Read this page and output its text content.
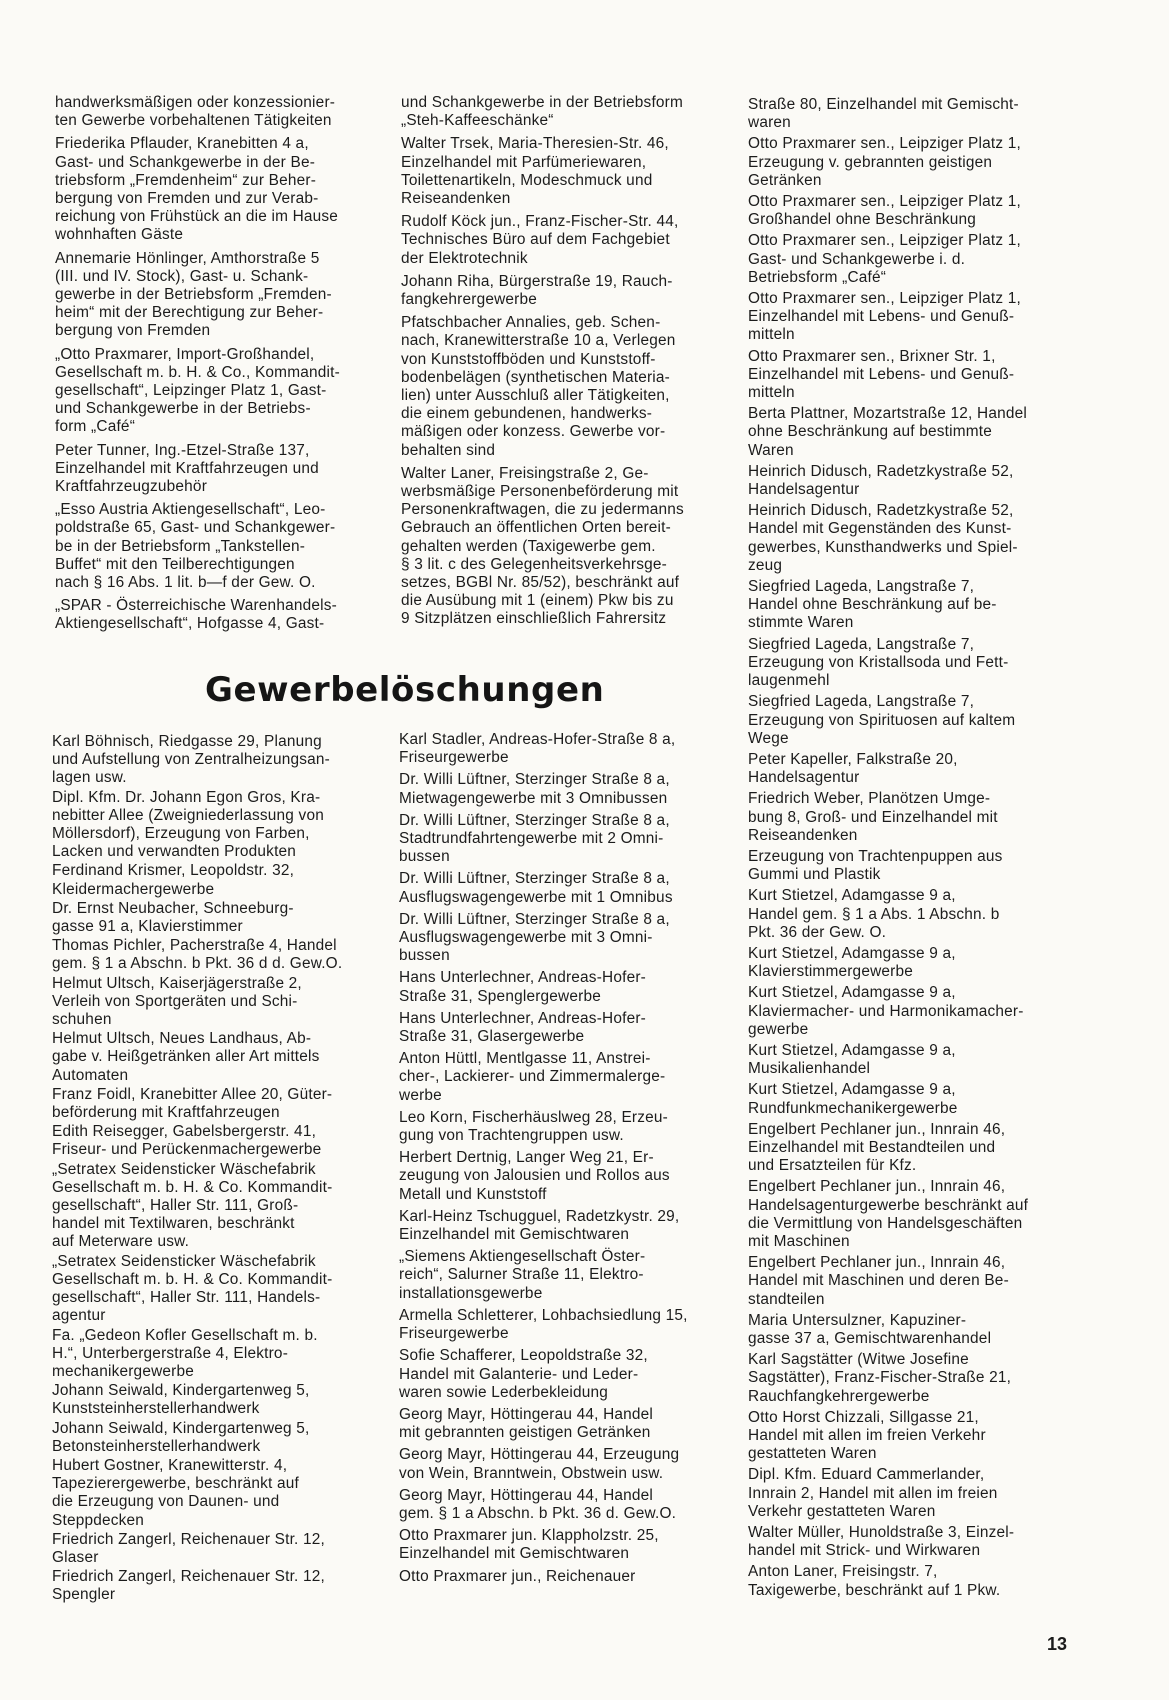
handwerksmäßigen oder konzessionier-
ten Gewerbe vorbehaltenen Tätigkeiten

Friederika Pflauder, Kranebitten 4 a,
Gast- und Schankgewerbe in der Be-
triebsform „Fremdenheim“ zur Beher-
bergung von Fremden und zur Verab-
reichung von Frühstück an die im Hause
wohnhaften Gäste

Annemarie Hönlinger, Amthorstraße 5
(III. und IV. Stock), Gast- u. Schank-
gewerbe in der Betriebsform „Fremden-
heim“ mit der Berechtigung zur Beher-
bergung von Fremden

„Otto Praxmarer, Import-Großhandel,
Gesellschaft m. b. H. & Co., Kommandit-
gesellschaft“, Leipzinger Platz 1, Gast-
und Schankgewerbe in der Betriebs-
form „Café“

Peter Tunner, Ing.-Etzel-Straße 137,
Einzelhandel mit Kraftfahrzeugen und
Kraftfahrzeugzubehör

„Esso Austria Aktiengesellschaft“, Leo-
poldstraße 65, Gast- und Schankgewer-
be in der Betriebsform „Tankstellen-
Buffet“ mit den Teilberechtigungen
nach § 16 Abs. 1 lit. b—f der Gew. O.

„SPAR - Österreichische Warenhandels-
Aktiengesellschaft“, Hofgasse 4, Gast-

und Schankgewerbe in der Betriebsform
„Steh-Kaffeeschänke“

Walter Trsek, Maria-Theresien-Str. 46,
Einzelhandel mit Parfümeriewaren,
Toilettenartikeln, Modeschmuck und
Reiseandenken

Rudolf Köck jun., Franz-Fischer-Str. 44,
Technisches Büro auf dem Fachgebiet
der Elektrotechnik

Johann Riha, Bürgerstraße 19, Rauch-
fangkehrergewerbe

Pfatschbacher Annalies, geb. Schen-
nach, Kranewitterstraße 10 a, Verlegen
von Kunststoffböden und Kunststoff-
bodenbelägen (synthetischen Materia-
lien) unter Ausschluß aller Tätigkeiten,
die einem gebundenen, handwerks-
mäßigen oder konzess. Gewerbe vor-
behalten sind

Walter Laner, Freisingstraße 2, Ge-
werbsmäßige Personenbeförderung mit
Personenkraftwagen, die zu jedermanns
Gebrauch an öffentlichen Orten bereit-
gehalten werden (Taxigewerbe gem.
§ 3 lit. c des Gelegenheitsverkehrsge-
setzes, BGBl Nr. 85/52), beschränkt auf
die Ausübung mit 1 (einem) Pkw bis zu
9 Sitzplätzen einschließlich Fahrersitz

Straße 80, Einzelhandel mit Gemischt-
waren

Otto Praxmarer sen., Leipziger Platz 1,
Erzeugung v. gebrannten geistigen
Getränken

Otto Praxmarer sen., Leipziger Platz 1,
Großhandel ohne Beschränkung

Otto Praxmarer sen., Leipziger Platz 1,
Gast- und Schankgewerbe i. d.
Betriebsform „Café“

Otto Praxmarer sen., Leipziger Platz 1,
Einzelhandel mit Lebens- und Genuß-
mitteln

Otto Praxmarer sen., Brixner Str. 1,
Einzelhandel mit Lebens- und Genuß-
mitteln

Berta Plattner, Mozartstraße 12, Handel
ohne Beschränkung auf bestimmte
Waren

Heinrich Didusch, Radetzkystraße 52,
Handelsagentur

Heinrich Didusch, Radetzkystraße 52,
Handel mit Gegenständen des Kunst-
gewerbes, Kunsthandwerks und Spiel-
zeug

Siegfried Lageda, Langstraße 7,
Handel ohne Beschränkung auf be-
stimmte Waren

Siegfried Lageda, Langstraße 7,
Erzeugung von Kristallsoda und Fett-
laugenmehl

Siegfried Lageda, Langstraße 7,
Erzeugung von Spirituosen auf kaltem
Wege

Peter Kapeller, Falkstraße 20,
Handelsagentur

Friedrich Weber, Planötzen Umge-
bung 8, Groß- und Einzelhandel mit
Reiseandenken

Erzeugung von Trachtenpuppen aus
Gummi und Plastik

Kurt Stietzel, Adamgasse 9 a,
Handel gem. § 1 a Abs. 1 Abschn. b
Pkt. 36 der Gew. O.

Kurt Stietzel, Adamgasse 9 a,
Klavierstimmergewerbe

Kurt Stietzel, Adamgasse 9 a,
Klaviermacher- und Harmonikamacher-
gewerbe

Kurt Stietzel, Adamgasse 9 a,
Musikalienhandel

Kurt Stietzel, Adamgasse 9 a,
Rundfunkmechanikergewerbe

Engelbert Pechlaner jun., Innrain 46,
Einzelhandel mit Bestandteilen und
und Ersatzteilen für Kfz.

Engelbert Pechlaner jun., Innrain 46,
Handelsagenturgewerbe beschränkt auf
die Vermittlung von Handelsgeschäften
mit Maschinen

Engelbert Pechlaner jun., Innrain 46,
Handel mit Maschinen und deren Be-
standteilen

Maria Untersulzner, Kapuziner-
gasse 37 a, Gemischtwarenhandel

Karl Sagstätter (Witwe Josefine
Sagstätter), Franz-Fischer-Straße 21,
Rauchfangkehrergewerbe

Otto Horst Chizzali, Sillgasse 21,
Handel mit allen im freien Verkehr
gestatteten Waren

Dipl. Kfm. Eduard Cammerlander,
Innrain 2, Handel mit allen im freien
Verkehr gestatteten Waren

Walter Müller, Hunoldstraße 3, Einzel-
handel mit Strick- und Wirkwaren

Anton Laner, Freisingstr. 7,
Taxigewerbe, beschränkt auf 1 Pkw.

Gewerbelöschungen

Karl Böhnisch, Riedgasse 29, Planung
und Aufstellung von Zentralheizungsan-
lagen usw.

Dipl. Kfm. Dr. Johann Egon Gros, Kra-
nebitter Allee (Zweigniederlassung von
Möllersdorf), Erzeugung von Farben,
Lacken und verwandten Produkten

Ferdinand Krismer, Leopoldstr. 32,
Kleidermachergewerbe

Dr. Ernst Neubacher, Schneeburg-
gasse 91 a, Klavierstimmer

Thomas Pichler, Pacherstraße 4, Handel
gem. § 1 a Abschn. b Pkt. 36 d d. Gew.O.

Helmut Ultsch, Kaiserjägerstraße 2,
Verleih von Sportgeräten und Schi-
schuhen

Helmut Ultsch, Neues Landhaus, Ab-
gabe v. Heißgetränken aller Art mittels
Automaten

Franz Foidl, Kranebitter Allee 20, Güter-
beförderung mit Kraftfahrzeugen

Edith Reisegger, Gabelsbergerstr. 41,
Friseur- und Perückenmachergewerbe

„Setratex Seidensticker Wäschefabrik
Gesellschaft m. b. H. & Co. Kommandit-
gesellschaft“, Haller Str. 111, Groß-
handel mit Textilwaren, beschränkt
auf Meterware usw.

„Setratex Seidensticker Wäschefabrik
Gesellschaft m. b. H. & Co. Kommandit-
gesellschaft“, Haller Str. 111, Handels-
agentur

Fa. „Gedeon Kofler Gesellschaft m. b.
H.“, Unterbergerstraße 4, Elektro-
mechanikergewerbe

Johann Seiwald, Kindergartenweg 5,
Kunststeinherstellerhandwerk

Johann Seiwald, Kindergartenweg 5,
Betonsteinherstellerhandwerk

Hubert Gostner, Kranewitterstr. 4,
Tapezierergewerbe, beschränkt auf
die Erzeugung von Daunen- und
Steppdecken

Friedrich Zangerl, Reichenauer Str. 12,
Glaser

Friedrich Zangerl, Reichenauer Str. 12,
Spengler

Karl Stadler, Andreas-Hofer-Straße 8 a,
Friseurgewerbe

Dr. Willi Lüftner, Sterzinger Straße 8 a,
Mietwagengewerbe mit 3 Omnibussen

Dr. Willi Lüftner, Sterzinger Straße 8 a,
Stadtrundfahrtengewerbe mit 2 Omni-
bussen

Dr. Willi Lüftner, Sterzinger Straße 8 a,
Ausflugswagengewerbe mit 1 Omnibus

Dr. Willi Lüftner, Sterzinger Straße 8 a,
Ausflugswagengewerbe mit 3 Omni-
bussen

Hans Unterlechner, Andreas-Hofer-
Straße 31, Spenglergewerbe

Hans Unterlechner, Andreas-Hofer-
Straße 31, Glasergewerbe

Anton Hüttl, Mentlgasse 11, Anstrei-
cher-, Lackierer- und Zimmermalerge-
werbe

Leo Korn, Fischerhäuslweg 28, Erzeu-
gung von Trachtengruppen usw.

Herbert Dertnig, Langer Weg 21, Er-
zeugung von Jalousien und Rollos aus
Metall und Kunststoff

Karl-Heinz Tschugguel, Radetzkystr. 29,
Einzelhandel mit Gemischtwaren

„Siemens Aktiengesellschaft Öster-
reich“, Salurner Straße 11, Elektro-
installationsgewerbe

Armella Schletterer, Lohbachsiedlung 15,
Friseurgewerbe

Sofie Schafferer, Leopoldstraße 32,
Handel mit Galanterie- und Leder-
waren sowie Lederbekleidung

Georg Mayr, Höttingerau 44, Handel
mit gebrannten geistigen Getränken

Georg Mayr, Höttingerau 44, Erzeugung
von Wein, Branntwein, Obstwein usw.

Georg Mayr, Höttingerau 44, Handel
gem. § 1 a Abschn. b Pkt. 36 d. Gew.O.

Otto Praxmarer jun. Klappholzstr. 25,
Einzelhandel mit Gemischtwaren

Otto Praxmarer jun., Reichenauer

13
